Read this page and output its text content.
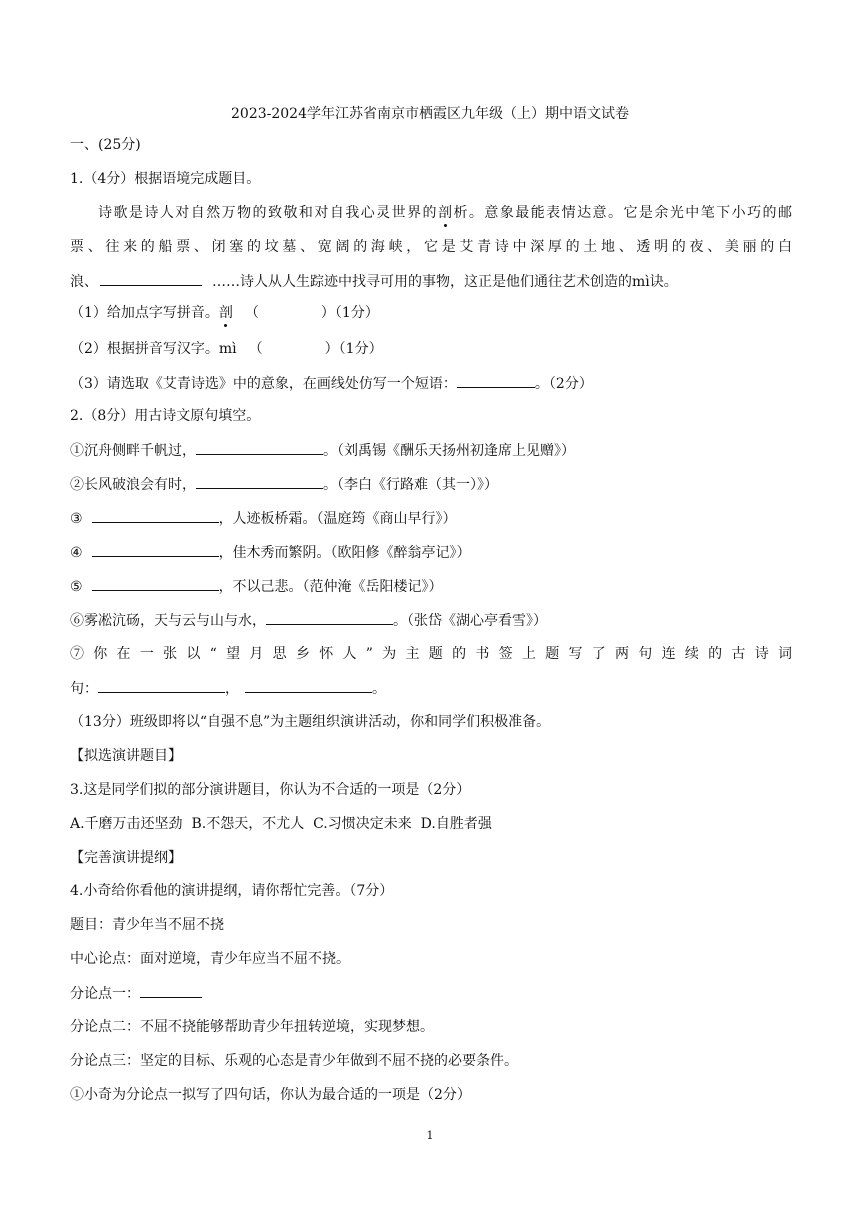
2023-2024学年江苏省南京市栖霞区九年级（上）期中语文试卷
一、(25分)
1.（4分）根据语境完成题目。
诗歌是诗人对自然万物的致敬和对自我心灵世界的剖析。意象最能表情达意。它是余光中笔下小巧的邮
票、往来的船票、闭塞的坟墓、宽阔的海峡，它是艾青诗中深厚的土地、透明的夜、美丽的白
浪、	……诗人从人生踪迹中找寻可用的事物，这正是他们通往艺术创造的mì诀。
（1）给加点字写拼音。剖 （	）（1分）
（2）根据拼音写汉字。mì （	）（1分）
（3）请选取《艾青诗选》中的意象，在画线处仿写一个短语：	。（2分）
2.（8分）用古诗文原句填空。
①沉舟侧畔千帆过，	。（刘禹锡《酬乐天扬州初逢席上见赠》）
②长风破浪会有时，	。（李白《行路难（其一）》）
③	，人迹板桥霜。（温庭筠《商山早行》）
④	，佳木秀而繁阴。（欧阳修《醉翁亭记》）
⑤	，不以己悲。（范仲淹《岳阳楼记》）
⑥雾凇沆砀，天与云与山与水，	。（张岱《湖心亭看雪》）
⑦你在一张以“望月思乡怀人”为主题的书签上题写了两句连续的古诗词
句：	，	。
（13分）班级即将以“自强不息”为主题组织演讲活动，你和同学们积极准备。
【拟选演讲题目】
3.这是同学们拟的部分演讲题目，你认为不合适的一项是（2分）
A.千磨万击还坚劲  B.不怨天，不尤人  C.习惯决定未来  D.自胜者强
【完善演讲提纲】
4.小奇给你看他的演讲提纲，请你帮忙完善。（7分）
题目：青少年当不屈不挠
中心论点：面对逆境，青少年应当不屈不挠。
分论点一：
分论点二：不屈不挠能够帮助青少年扭转逆境，实现梦想。
分论点三：坚定的目标、乐观的心态是青少年做到不屈不挠的必要条件。
①小奇为分论点一拟写了四句话，你认为最合适的一项是（2分）
1
